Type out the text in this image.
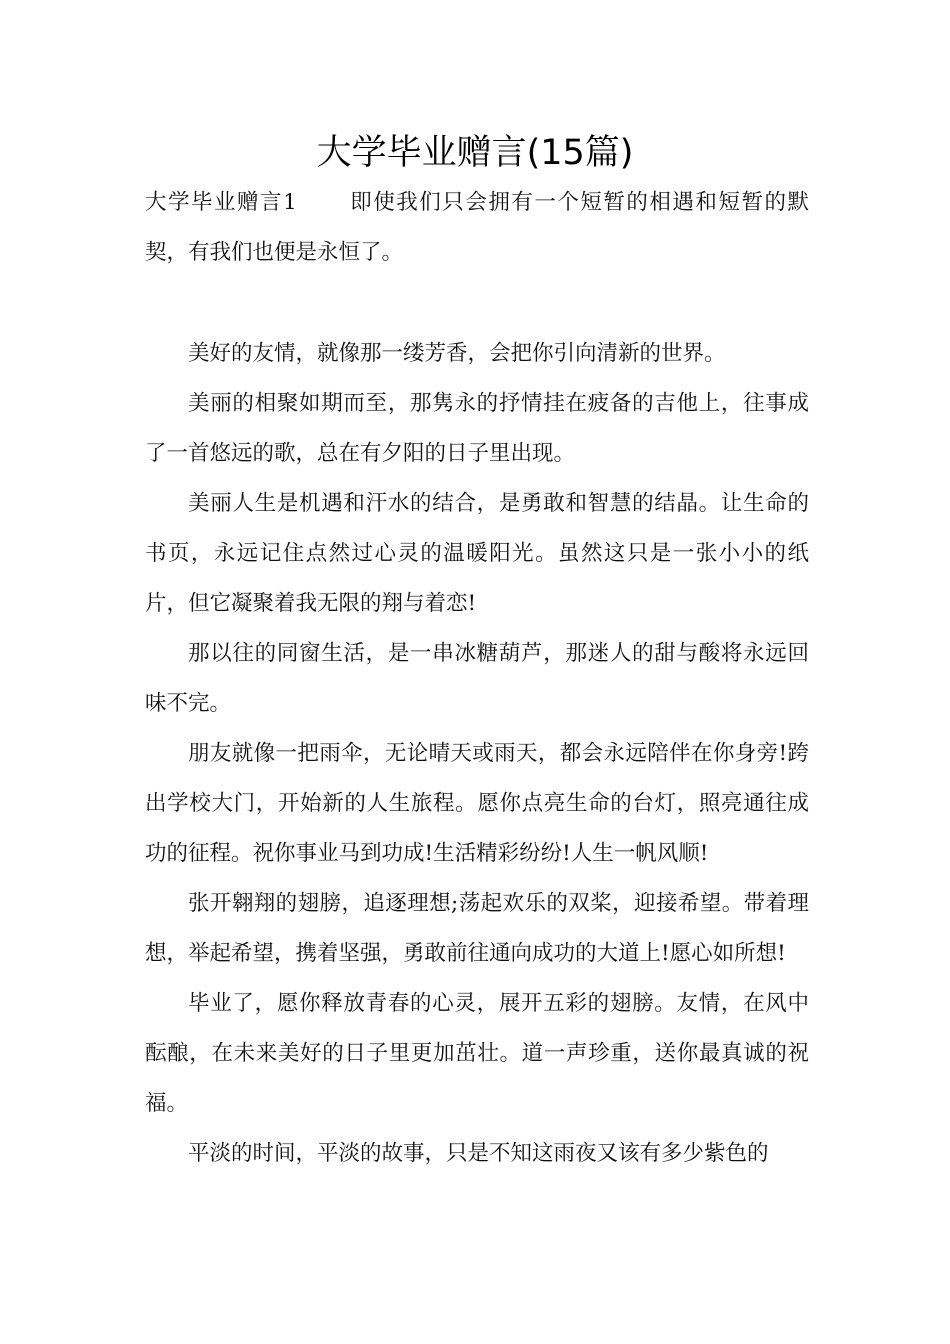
大学毕业赠言(15篇)
大学毕业赠言1 即使我们只会拥有一个短暂的相遇和短暂的默契，有我们也便是永恒了。

美好的友情，就像那一缕芳香，会把你引向清新的世界。

美丽的相聚如期而至，那隽永的抒情挂在疲备的吉他上，往事成了一首悠远的歌，总在有夕阳的日子里出现。

美丽人生是机遇和汗水的结合，是勇敢和智慧的结晶。让生命的书页，永远记住点然过心灵的温暖阳光。虽然这只是一张小小的纸片，但它凝聚着我无限的翔与着恋!

那以往的同窗生活，是一串冰糖葫芦，那迷人的甜与酸将永远回味不完。

朋友就像一把雨伞，无论晴天或雨天，都会永远陪伴在你身旁!跨出学校大门，开始新的人生旅程。愿你点亮生命的台灯，照亮通往成功的征程。祝你事业马到功成!生活精彩纷纷!人生一帆风顺!

张开翱翔的翅膀，追逐理想;荡起欢乐的双桨，迎接希望。带着理想，举起希望，携着坚强，勇敢前往通向成功的大道上!愿心如所想!

毕业了，愿你释放青春的心灵，展开五彩的翅膀。友情，在风中酝酿，在未来美好的日子里更加茁壮。道一声珍重，送你最真诚的祝福。

平淡的时间，平淡的故事，只是不知这雨夜又该有多少紫色的
